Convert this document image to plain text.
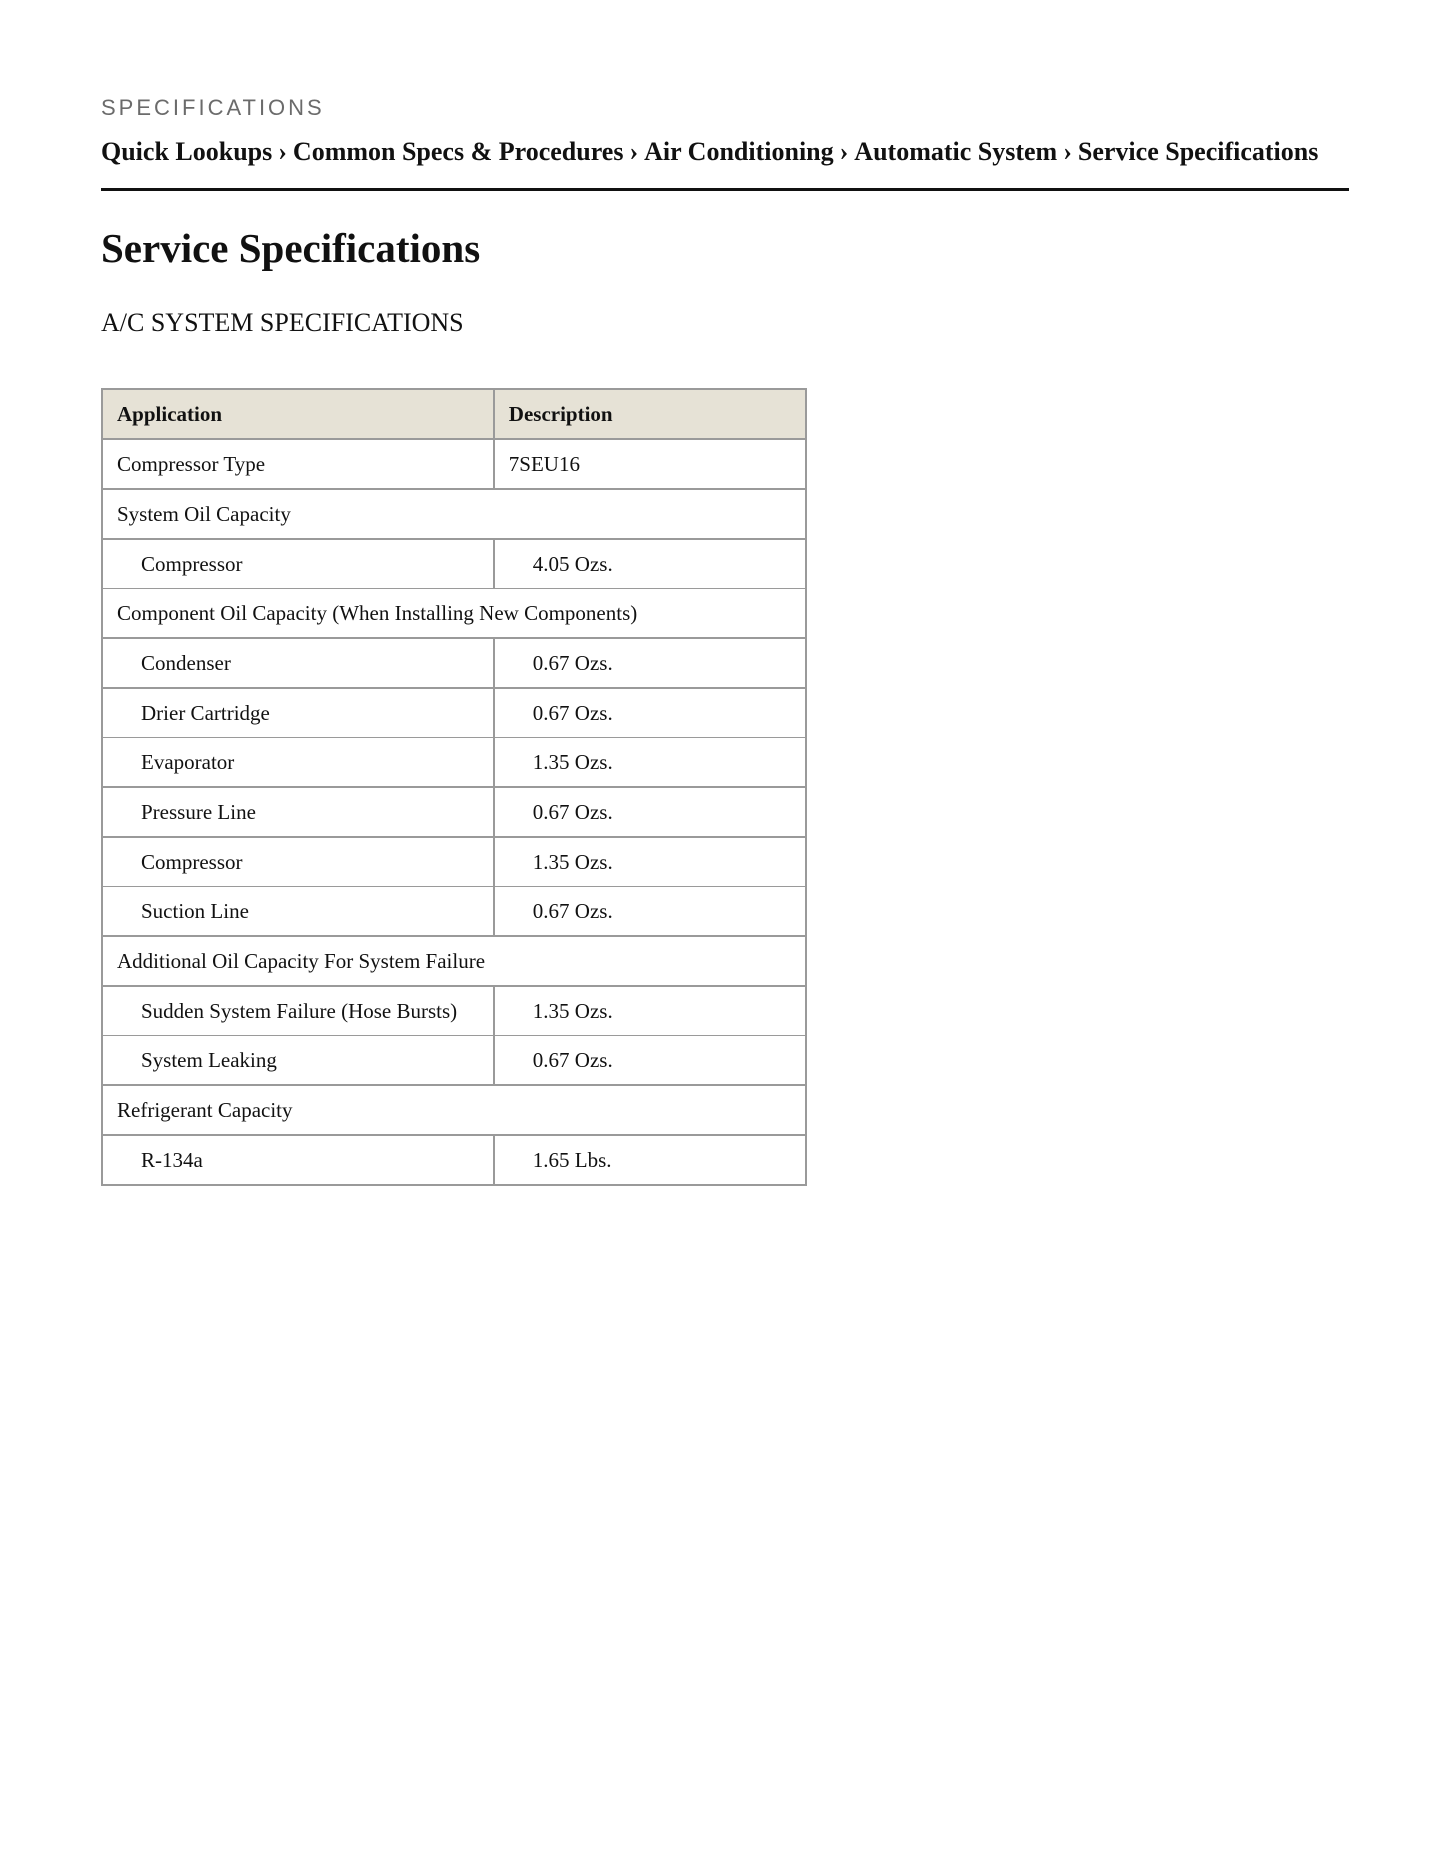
SPECIFICATIONS
Quick Lookups › Common Specs & Procedures › Air Conditioning › Automatic System › Service Specifications
Service Specifications
A/C SYSTEM SPECIFICATIONS
Application	Description
Compressor Type	7SEU16
System Oil Capacity	
Compressor	4.05 Ozs.
Component Oil Capacity (When Installing New Components)	
Condenser	0.67 Ozs.
Drier Cartridge	0.67 Ozs.
Evaporator	1.35 Ozs.
Pressure Line	0.67 Ozs.
Compressor	1.35 Ozs.
Suction Line	0.67 Ozs.
Additional Oil Capacity For System Failure	
Sudden System Failure (Hose Bursts)	1.35 Ozs.
System Leaking	0.67 Ozs.
Refrigerant Capacity	
R-134a	1.65 Lbs.
